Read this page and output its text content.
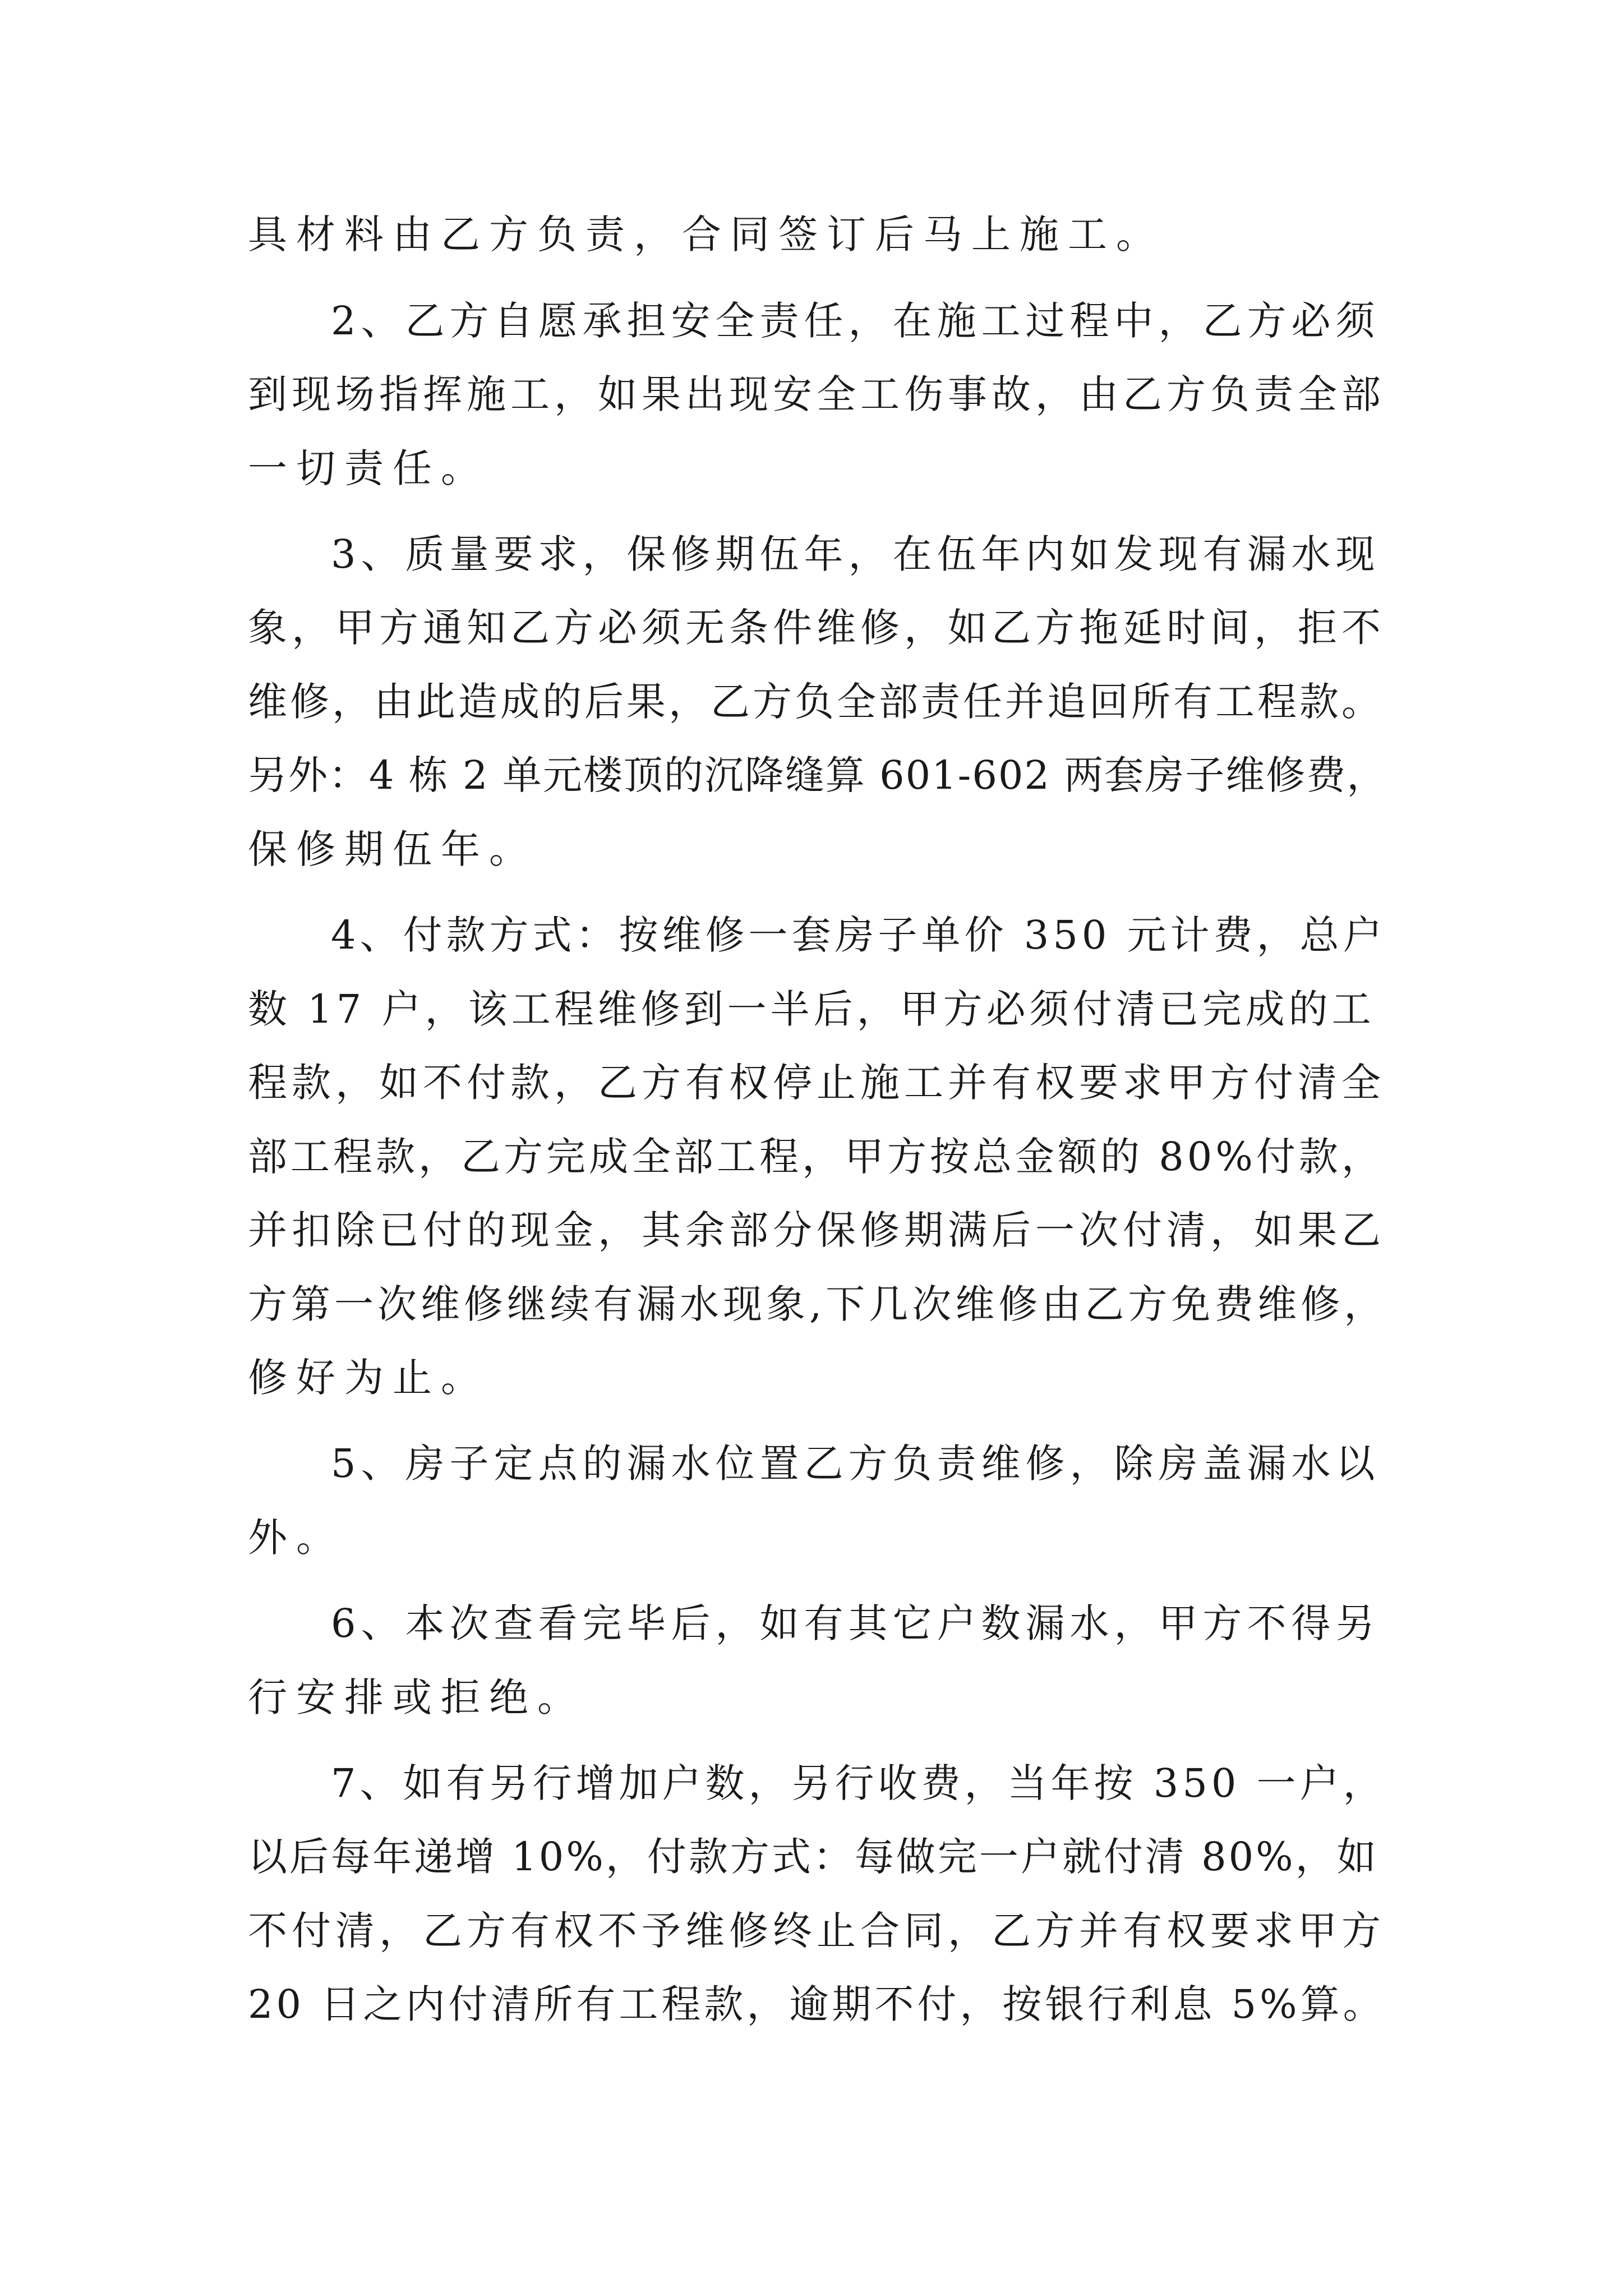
具材料由乙方负责，合同签订后马上施工。
2、乙方自愿承担安全责任，在施工过程中，乙方必须
到现场指挥施工，如果出现安全工伤事故，由乙方负责全部
一切责任。
3、质量要求，保修期伍年，在伍年内如发现有漏水现
象，甲方通知乙方必须无条件维修，如乙方拖延时间，拒不
维修，由此造成的后果，乙方负全部责任并追回所有工程款。
另外：4 栋 2 单元楼顶的沉降缝算 601-602 两套房子维修费，
保修期伍年。
4、付款方式：按维修一套房子单价 350 元计费，总户
数 17 户，该工程维修到一半后，甲方必须付清已完成的工
程款，如不付款，乙方有权停止施工并有权要求甲方付清全
部工程款，乙方完成全部工程，甲方按总金额的 80%付款，
并扣除已付的现金，其余部分保修期满后一次付清，如果乙
方第一次维修继续有漏水现象,下几次维修由乙方免费维修，
修好为止。
5、房子定点的漏水位置乙方负责维修，除房盖漏水以
外。
6、本次查看完毕后，如有其它户数漏水，甲方不得另
行安排或拒绝。
7、如有另行增加户数，另行收费，当年按 350 一户，
以后每年递增 10%，付款方式：每做完一户就付清 80%，如
不付清，乙方有权不予维修终止合同，乙方并有权要求甲方
20 日之内付清所有工程款，逾期不付，按银行利息 5%算。
